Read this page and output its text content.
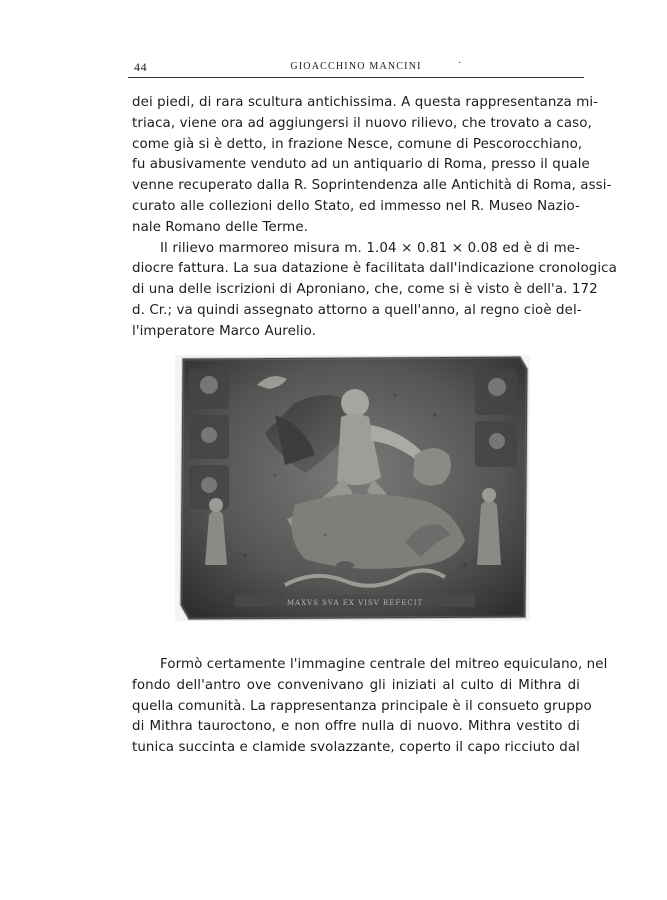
44	GIOACCHINO MANCINI	·
dei piedi, di rara scultura antichissima. A questa rappresentanza mi-
triaca, viene ora ad aggiungersi il nuovo rilievo, che trovato a caso,
come già si è detto, in frazione Nesce, comune di Pescorocchiano,
fu abusivamente venduto ad un antiquario di Roma, presso il quale
venne recuperato dalla R. Soprintendenza alle Antichità di Roma, assi-
curato alle collezioni dello Stato, ed immesso nel R. Museo Nazio-
nale Romano delle Terme.
Il rilievo marmoreo misura m. 1.04 × 0.81 × 0.08 ed è di me-
diocre fattura. La sua datazione è facilitata dall'indicazione cronologica
di una delle iscrizioni di Aproniano, che, come si è visto è dell'a. 172
d. Cr.; va quindi assegnato attorno a quell'anno, al regno cioè del-
l'imperatore Marco Aurelio.
MAXVS SVA EX VISV REFECIT
Formò certamente l'immagine centrale del mitreo equiculano, nel
fondo dell'antro ove convenivano gli iniziati al culto di Mithra di
quella comunità. La rappresentanza principale è il consueto gruppo
di Mithra tauroctono, e non offre nulla di nuovo. Mithra vestito di
tunica succinta e clamide svolazzante, coperto il capo ricciuto dal
